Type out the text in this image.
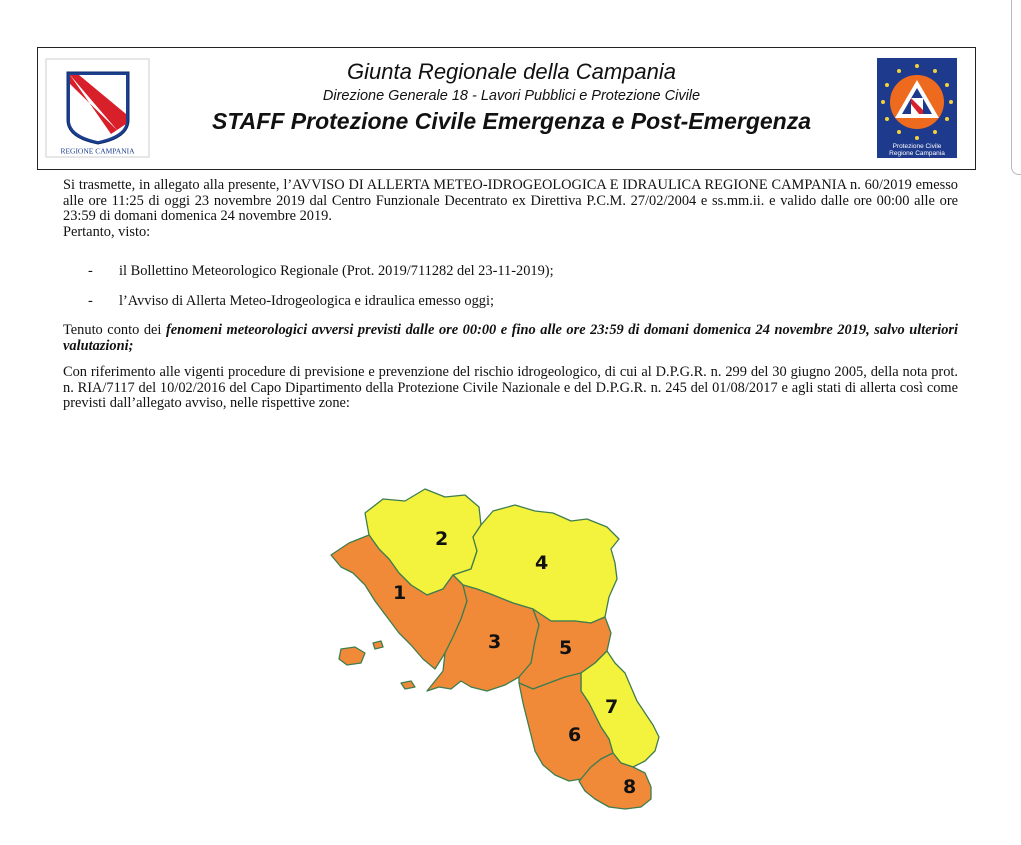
REGIONE CAMPANIA
Giunta Regionale della Campania
Direzione Generale 18 - Lavori Pubblici e Protezione Civile
STAFF Protezione Civile Emergenza e Post-Emergenza
Protezione Civile
Regione Campania
Si trasmette, in allegato alla presente, l’AVVISO DI ALLERTA METEO-IDROGEOLOGICA E IDRAULICA REGIONE CAMPANIA n. 60/2019 emesso alle ore 11:25 di oggi 23 novembre 2019 dal Centro Funzionale Decentrato ex Direttiva P.C.M. 27/02/2004 e ss.mm.ii. e valido dalle ore 00:00 alle ore 23:59 di domani domenica 24 novembre 2019.
Pertanto, visto:
- il Bollettino Meteorologico Regionale (Prot. 2019/711282 del 23-11-2019);
- l’Avviso di Allerta Meteo-Idrogeologica e idraulica emesso oggi;
Tenuto conto dei fenomeni meteorologici avversi previsti dalle ore 00:00 e fino alle ore 23:59 di domani domenica 24 novembre 2019, salvo ulteriori valutazioni;
Con riferimento alle vigenti procedure di previsione e prevenzione del rischio idrogeologico, di cui al D.P.G.R. n. 299 del 30 giugno 2005, della nota prot. n. RIA/7117 del 10/02/2016 del Capo Dipartimento della Protezione Civile Nazionale e del D.P.G.R. n. 245 del 01/08/2017 e agli stati di allerta così come previsti dall’allegato avviso, nelle rispettive zone:
1
2
3
4
5
6
7
8
